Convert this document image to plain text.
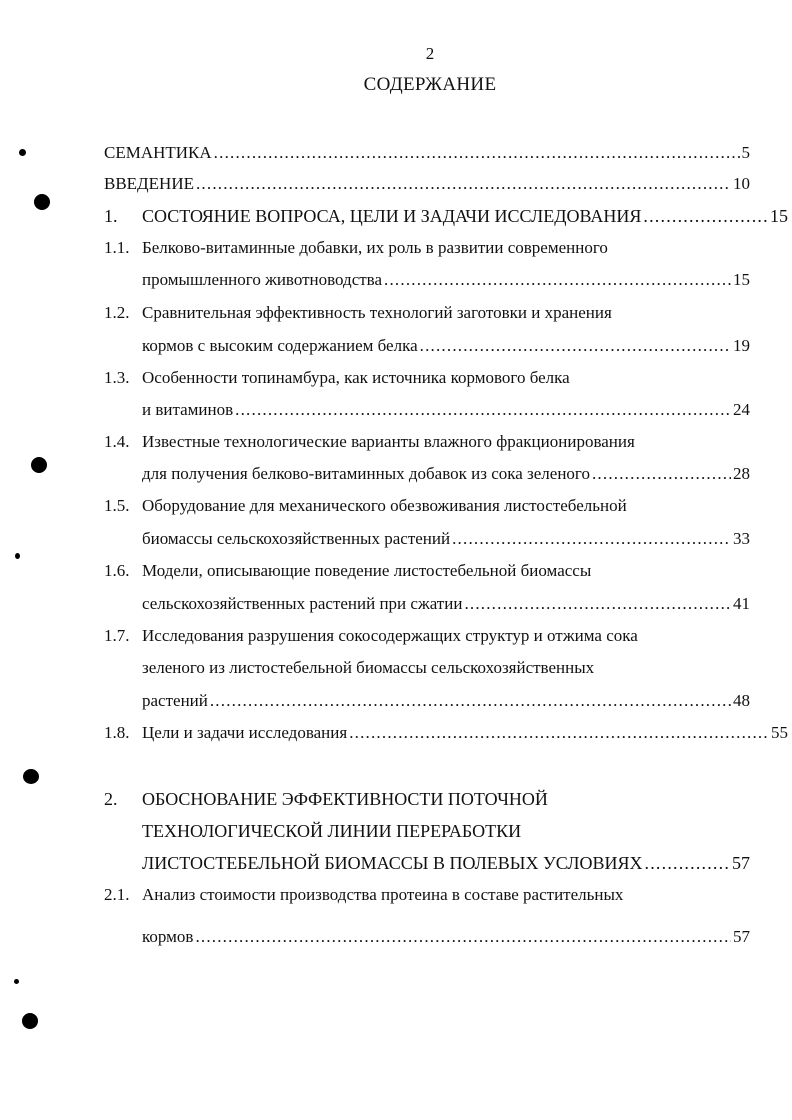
2
СОДЕРЖАНИЕ
СЕМАНТИКА .....	5
ВВЕДЕНИЕ .....	10
1. СОСТОЯНИЕ ВОПРОСА, ЦЕЛИ И ЗАДАЧИ ИССЛЕДОВАНИЯ .....	15
1.1. Белково-витаминные добавки, их роль в развитии современного
промышленного животноводства .....	15
1.2. Сравнительная эффективность технологий заготовки и хранения
кормов с высоким содержанием белка .....	19
1.3. Особенности топинамбура, как источника кормового белка
и витаминов .....	24
1.4. Известные технологические варианты влажного фракционирования
для получения белково-витаминных добавок из сока зеленого .....	28
1.5. Оборудование для механического обезвоживания листостебельной
биомассы сельскохозяйственных растений .....	33
1.6. Модели, описывающие поведение листостебельной биомассы
сельскохозяйственных растений при сжатии .....	41
1.7. Исследования разрушения сокосодержащих структур и отжима сока
зеленого из листостебельной биомассы сельскохозяйственных
растений .....	48
1.8. Цели и задачи исследования .....	55
2. ОБОСНОВАНИЕ ЭФФЕКТИВНОСТИ ПОТОЧНОЙ
ТЕХНОЛОГИЧЕСКОЙ ЛИНИИ ПЕРЕРАБОТКИ
ЛИСТОСТЕБЕЛЬНОЙ БИОМАССЫ В ПОЛЕВЫХ УСЛОВИЯХ .....	57
2.1. Анализ стоимости производства протеина в составе растительных
кормов .....	57
